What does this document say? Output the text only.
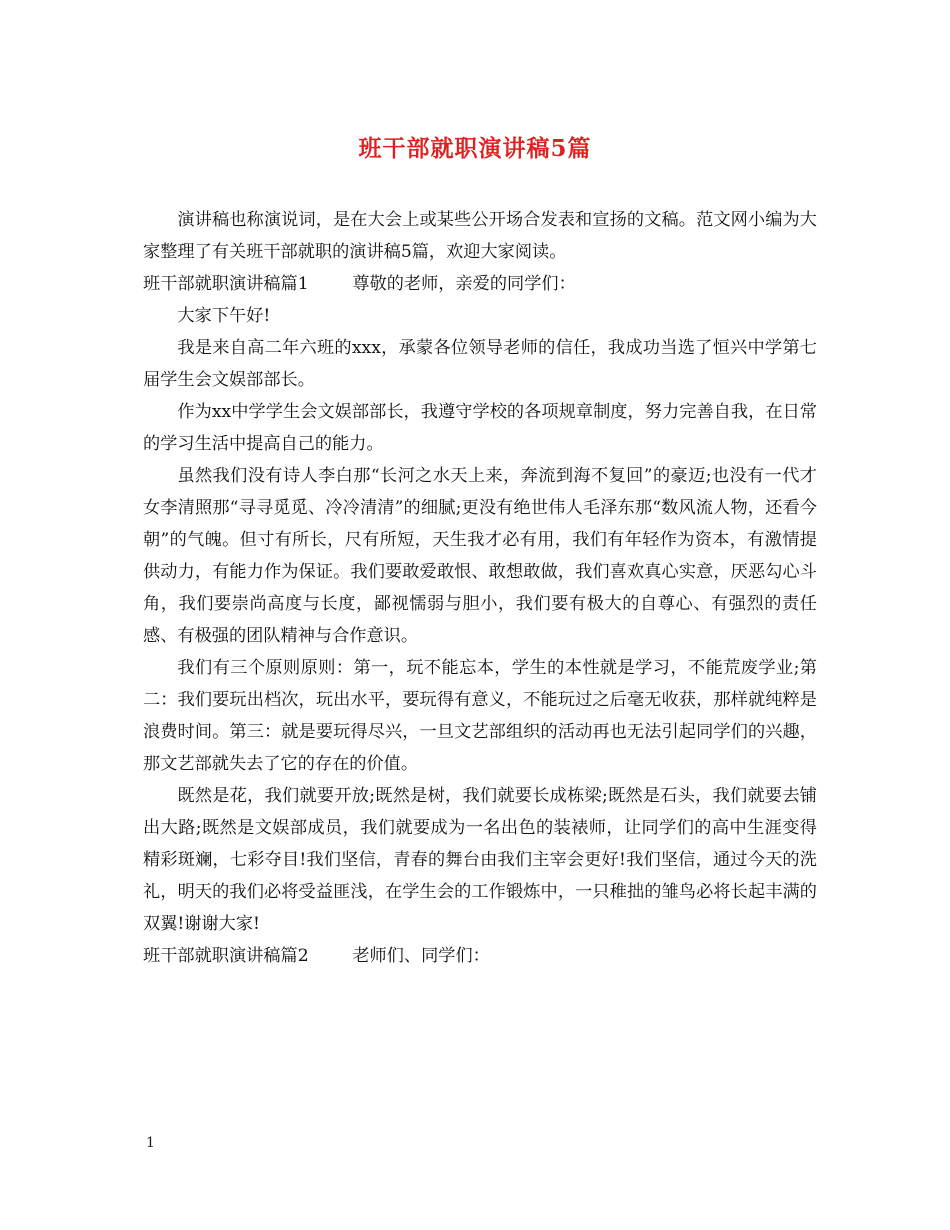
班干部就职演讲稿5篇

演讲稿也称演说词，是在大会上或某些公开场合发表和宣扬的文稿。范文网小编为大家整理了有关班干部就职的演讲稿5篇，欢迎大家阅读。

班干部就职演讲稿篇1	尊敬的老师，亲爱的同学们：

大家下午好!

我是来自高二年六班的xxx，承蒙各位领导老师的信任，我成功当选了恒兴中学第七届学生会文娱部部长。

作为xx中学学生会文娱部部长，我遵守学校的各项规章制度，努力完善自我，在日常的学习生活中提高自己的能力。

虽然我们没有诗人李白那“长河之水天上来，奔流到海不复回”的豪迈;也没有一代才女李清照那“寻寻觅觅、冷冷清清”的细腻;更没有绝世伟人毛泽东那“数风流人物，还看今朝”的气魄。但寸有所长，尺有所短，天生我才必有用，我们有年轻作为资本，有激情提供动力，有能力作为保证。我们要敢爱敢恨、敢想敢做，我们喜欢真心实意，厌恶勾心斗角，我们要崇尚高度与长度，鄙视懦弱与胆小，我们要有极大的自尊心、有强烈的责任感、有极强的团队精神与合作意识。

我们有三个原则原则：第一，玩不能忘本，学生的本性就是学习，不能荒废学业;第二：我们要玩出档次，玩出水平，要玩得有意义，不能玩过之后毫无收获，那样就纯粹是浪费时间。第三：就是要玩得尽兴，一旦文艺部组织的活动再也无法引起同学们的兴趣，那文艺部就失去了它的存在的价值。

既然是花，我们就要开放;既然是树，我们就要长成栋梁;既然是石头，我们就要去铺出大路;既然是文娱部成员，我们就要成为一名出色的装裱师，让同学们的高中生涯变得精彩斑斓，七彩夺目!我们坚信，青春的舞台由我们主宰会更好!我们坚信，通过今天的洗礼，明天的我们必将受益匪浅，在学生会的工作锻炼中，一只稚拙的雏鸟必将长起丰满的双翼!谢谢大家!

班干部就职演讲稿篇2	老师们、同学们：

1
